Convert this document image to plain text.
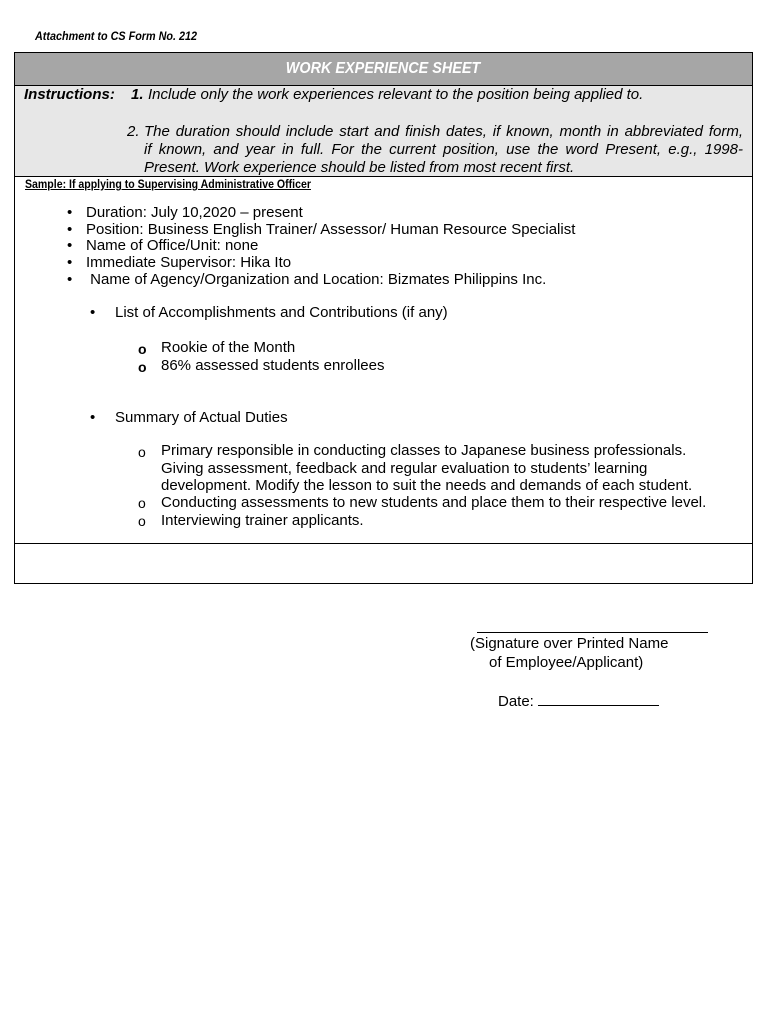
Attachment to CS Form No. 212
WORK EXPERIENCE SHEET
Instructions: 1. Include only the work experiences relevant to the position being applied to.
2. The duration should include start and finish dates, if known, month in abbreviated form,
if known, and year in full. For the current position, use the word Present, e.g., 1998-
Present. Work experience should be listed from most recent first.
Sample: If applying to Supervising Administrative Officer
• Duration: July 10,2020 – present
• Position: Business English Trainer/ Assessor/ Human Resource Specialist
• Name of Office/Unit: none
• Immediate Supervisor: Hika Ito
• Name of Agency/Organization and Location: Bizmates Philippins Inc.
• List of Accomplishments and Contributions (if any)
o Rookie of the Month
o 86% assessed students enrollees
• Summary of Actual Duties
o Primary responsible in conducting classes to Japanese business professionals.
Giving assessment, feedback and regular evaluation to students’ learning
development. Modify the lesson to suit the needs and demands of each student.
o Conducting assessments to new students and place them to their respective level.
o Interviewing trainer applicants.
(Signature over Printed Name
of Employee/Applicant)
Date:
